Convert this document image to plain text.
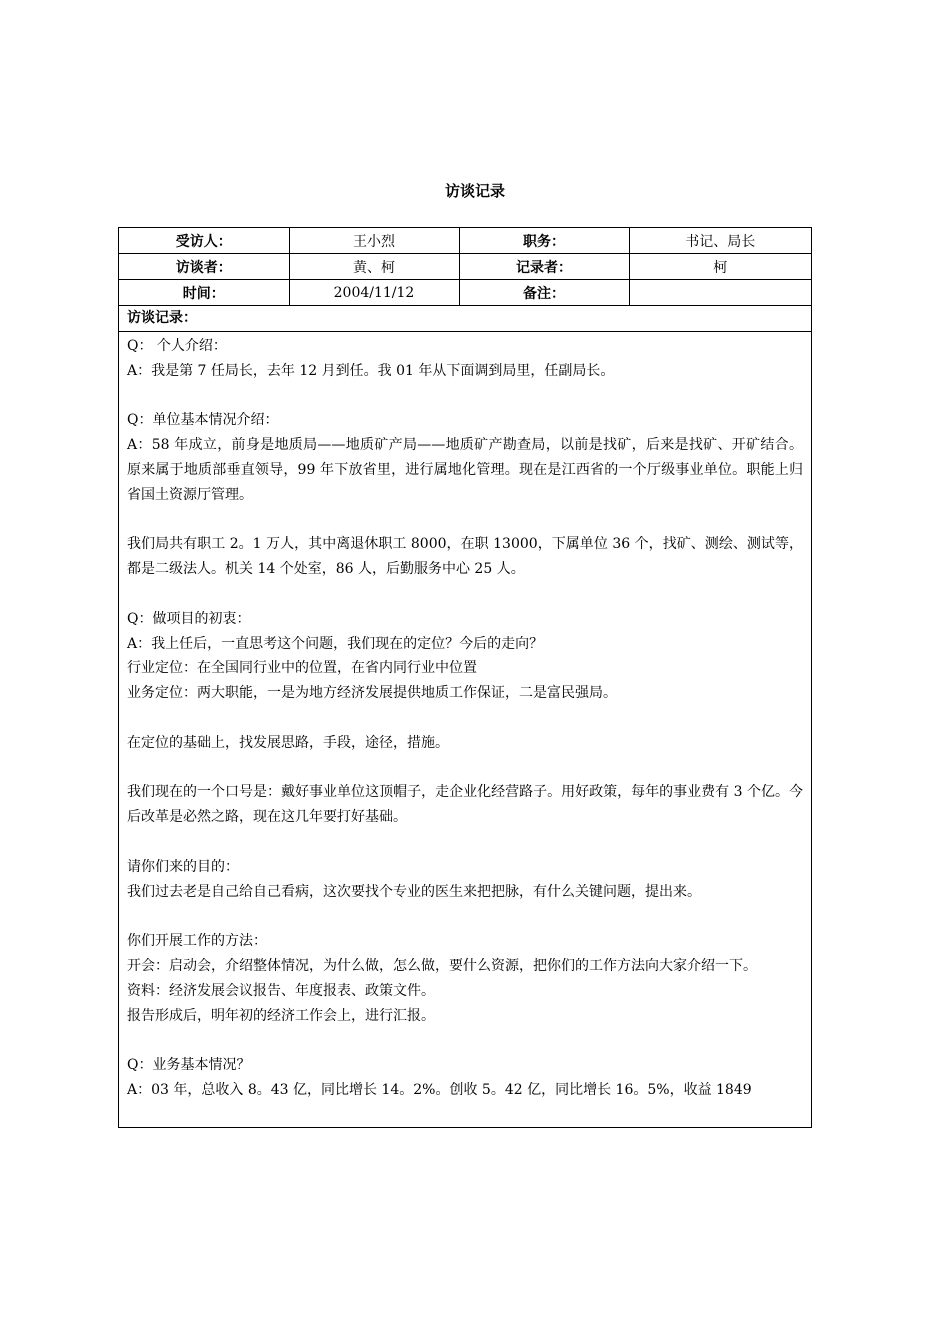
访谈记录
受访人：	王小烈	职务：	书记、局长
访谈者：	黄、柯	记录者：	柯
时间：	2004/11/12	备注：	
访谈记录：
Q： 个人介绍：
A：我是第 7 任局长，去年 12 月到任。我 01 年从下面调到局里，任副局长。
Q：单位基本情况介绍：
A：58 年成立，前身是地质局——地质矿产局——地质矿产勘查局，以前是找矿，后来是找矿、开矿结合。原来属于地质部垂直领导，99 年下放省里，进行属地化管理。现在是江西省的一个厅级事业单位。职能上归省国土资源厅管理。
我们局共有职工 2。1 万人，其中离退休职工 8000，在职 13000，下属单位 36 个，找矿、测绘、测试等，都是二级法人。机关 14 个处室，86 人，后勤服务中心 25 人。
Q：做项目的初衷：
A：我上任后，一直思考这个问题，我们现在的定位？今后的走向？
行业定位：在全国同行业中的位置，在省内同行业中位置
业务定位：两大职能，一是为地方经济发展提供地质工作保证，二是富民强局。
在定位的基础上，找发展思路，手段，途径，措施。
我们现在的一个口号是：戴好事业单位这顶帽子，走企业化经营路子。用好政策，每年的事业费有 3 个亿。今后改革是必然之路，现在这几年要打好基础。
请你们来的目的：
我们过去老是自己给自己看病，这次要找个专业的医生来把把脉，有什么关键问题，提出来。
你们开展工作的方法：
开会：启动会，介绍整体情况，为什么做，怎么做，要什么资源，把你们的工作方法向大家介绍一下。
资料：经济发展会议报告、年度报表、政策文件。
报告形成后，明年初的经济工作会上，进行汇报。
Q：业务基本情况？
A：03 年，总收入 8。43 亿，同比增长 14。2%。创收 5。42 亿，同比增长 16。5%，收益 1849
